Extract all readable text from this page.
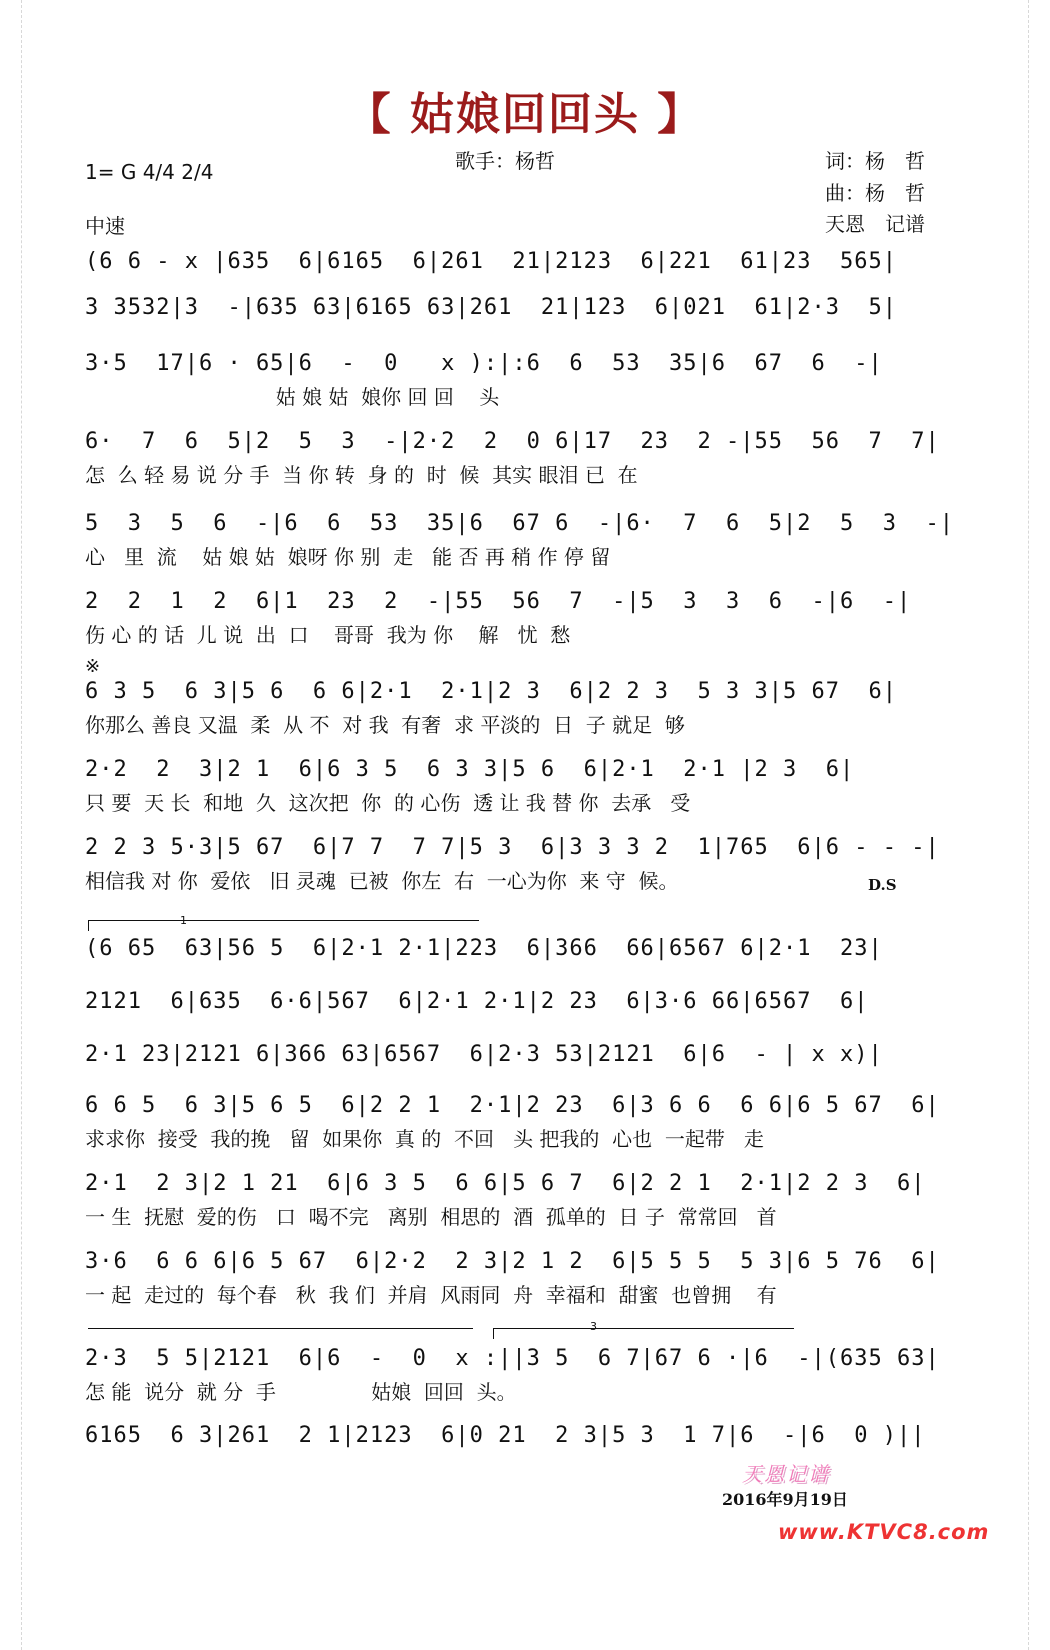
【 姑娘回回头 】
1= G 4/4 2/4
中速
歌手：杨哲	词：杨　哲
曲：杨　哲
天恩　记谱
(6 6 - x |635  6|6165  6|261  21|2123  6|221  61|23  565|
3 3532|3  -|635 63|6165 63|261  21|123  6|021  61|2·3  5|
3·5  17|6 · 65|6  -  0   x ):|:6  6  53  35|6  67  6  -|
姑 娘 姑  娘你 回 回    头
6·  7  6  5|2  5  3  -|2·2  2  0 6|17  23  2 -|55  56  7  7|
怎  么 轻 易 说 分 手  当 你 转  身 的  时  候  其实 眼泪 已  在
5  3  5  6  -|6  6  53  35|6  67 6  -|6·  7  6  5|2  5  3  -|
心   里  流    姑 娘 姑  娘呀 你 别  走   能 否 再 稍 作 停 留
2  2  1  2  6|1  23  2  -|55  56  7  -|5  3  3  6  -|6  -|
伤 心 的 话  儿 说  出  口    哥哥  我为 你    解   忧  愁
※
6 3 5  6 3|5 6  6 6|2·1  2·1|2 3  6|2 2 3  5 3 3|5 67  6|
你那么 善良 又温  柔  从 不  对 我  有奢  求 平淡的  日  子 就足  够
2·2  2  3|2 1  6|6 3 5  6 3 3|5 6  6|2·1  2·1 |2 3  6|
只 要  天 长  和地  久  这次把  你  的 心伤  透 让 我 替 你  去承   受
2 2 3 5·3|5 67  6|7 7  7 7|5 3  6|3 3 3 2  1|765  6|6 - - -|
相信我 对 你  爱依   旧 灵魂  已被  你左  右  一心为你  来 守  候。	D.S
1
(6 65  63|56 5  6|2·1 2·1|223  6|366  66|6567 6|2·1  23|
2121  6|635  6·6|567  6|2·1 2·1|2 23  6|3·6 66|6567  6|
2·1 23|2121 6|366 63|6567  6|2·3 53|2121  6|6  - | x x)|
6 6 5  6 3|5 6 5  6|2 2 1  2·1|2 23  6|3 6 6  6 6|6 5 67  6|
求求你  接受  我的挽   留  如果你  真 的  不回   头 把我的  心也  一起带   走
2·1  2 3|2 1 21  6|6 3 5  6 6|5 6 7  6|2 2 1  2·1|2 2 3  6|
一 生  抚慰  爱的伤   口  喝不完   离别  相思的  酒  孤单的  日 子  常常回   首
3·6  6 6 6|6 5 67  6|2·2  2 3|2 1 2  6|5 5 5  5 3|6 5 76  6|
一 起  走过的  每个春   秋  我 们  并肩  风雨同  舟  幸福和  甜蜜  也曾拥    有
3
2·3  5 5|2121  6|6  -  0  x :||3 5  6 7|67 6 ·|6  -|(635 63|
怎 能  说分  就 分  手               姑娘  回回  头。
6165  6 3|261  2 1|2123  6|0 21  2 3|5 3  1 7|6  -|6  0 )||
天恩记谱
2016年9月19日
www.KTVC8.com
